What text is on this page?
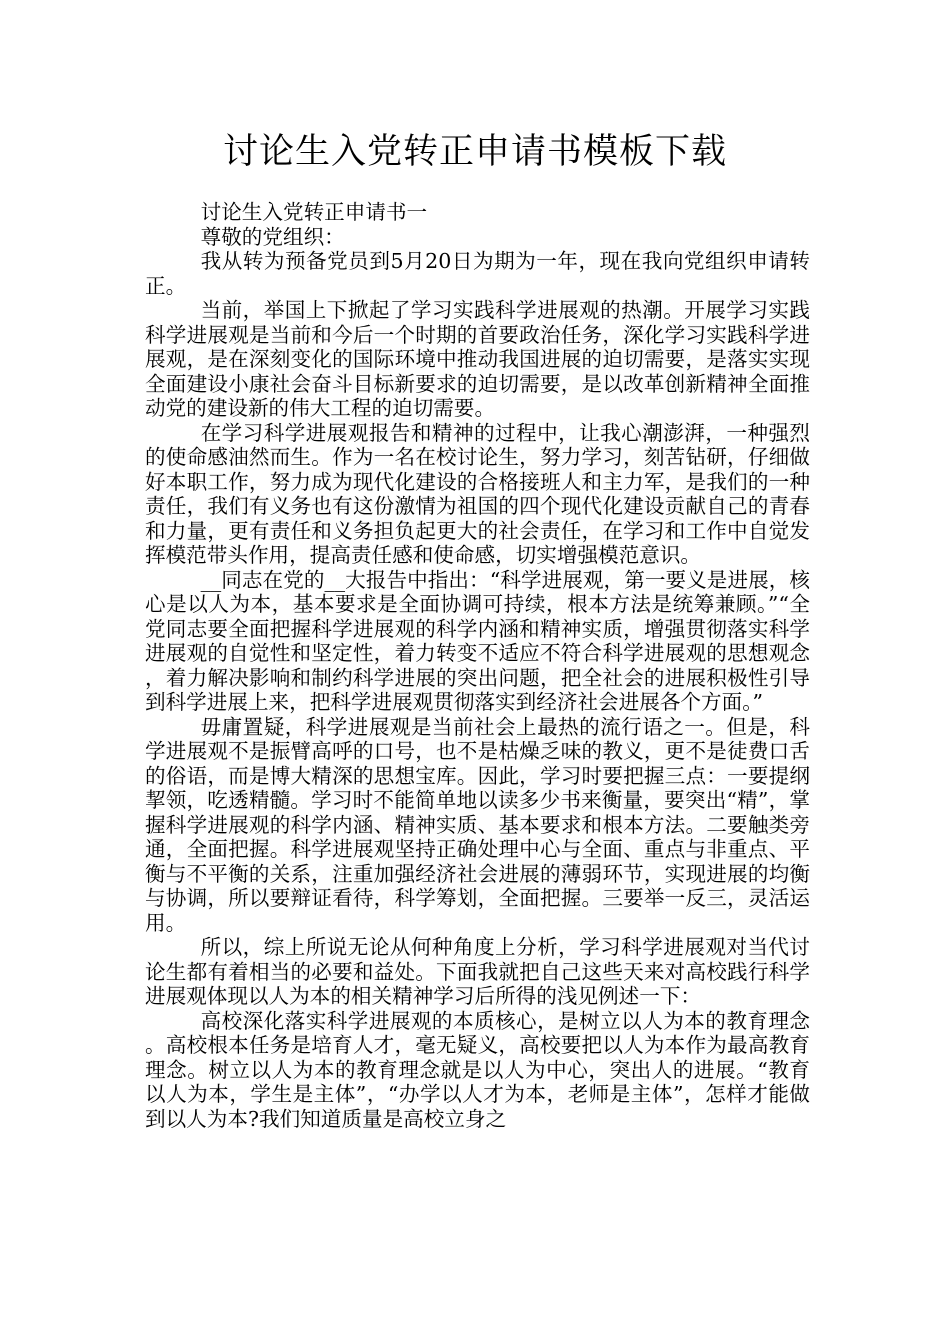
讨论生入党转正申请书模板下载

讨论生入党转正申请书一

尊敬的党组织：

我从转为预备党员到5月20日为期为一年，现在我向党组织申请转正。

当前，举国上下掀起了学习实践科学进展观的热潮。开展学习实践科学进展观是当前和今后一个时期的首要政治任务，深化学习实践科学进展观，是在深刻变化的国际环境中推动我国进展的迫切需要，是落实实现全面建设小康社会奋斗目标新要求的迫切需要，是以改革创新精神全面推动党的建设新的伟大工程的迫切需要。

在学习科学进展观报告和精神的过程中，让我心潮澎湃，一种强烈的使命感油然而生。作为一名在校讨论生，努力学习，刻苦钻研，仔细做好本职工作，努力成为现代化建设的合格接班人和主力军，是我们的一种责任，我们有义务也有这份激情为祖国的四个现代化建设贡献自己的青春和力量，更有责任和义务担负起更大的社会责任，在学习和工作中自觉发挥模范带头作用，提高责任感和使命感，切实增强模范意识。

__同志在党的__大报告中指出：“科学进展观，第一要义是进展，核心是以人为本，基本要求是全面协调可持续，根本方法是统筹兼顾。”“全党同志要全面把握科学进展观的科学内涵和精神实质，增强贯彻落实科学进展观的自觉性和坚定性，着力转变不适应不符合科学进展观的思想观念，着力解决影响和制约科学进展的突出问题，把全社会的进展积极性引导到科学进展上来，把科学进展观贯彻落实到经济社会进展各个方面。”

毋庸置疑，科学进展观是当前社会上最热的流行语之一。但是，科学进展观不是振臂高呼的口号，也不是枯燥乏味的教义，更不是徒费口舌的俗语，而是博大精深的思想宝库。因此，学习时要把握三点：一要提纲挈领，吃透精髓。学习时不能简单地以读多少书来衡量，要突出“精”，掌握科学进展观的科学内涵、精神实质、基本要求和根本方法。二要触类旁通，全面把握。科学进展观坚持正确处理中心与全面、重点与非重点、平衡与不平衡的关系，注重加强经济社会进展的薄弱环节，实现进展的均衡与协调，所以要辩证看待，科学筹划，全面把握。三要举一反三，灵活运用。

所以，综上所说无论从何种角度上分析，学习科学进展观对当代讨论生都有着相当的必要和益处。下面我就把自己这些天来对高校践行科学进展观体现以人为本的相关精神学习后所得的浅见例述一下：

高校深化落实科学进展观的本质核心，是树立以人为本的教育理念。高校根本任务是培育人才，毫无疑义，高校要把以人为本作为最高教育理念。树立以人为本的教育理念就是以人为中心，突出人的进展。“教育以人为本，学生是主体”，“办学以人才为本，老师是主体”，怎样才能做到以人为本?我们知道质量是高校立身之
